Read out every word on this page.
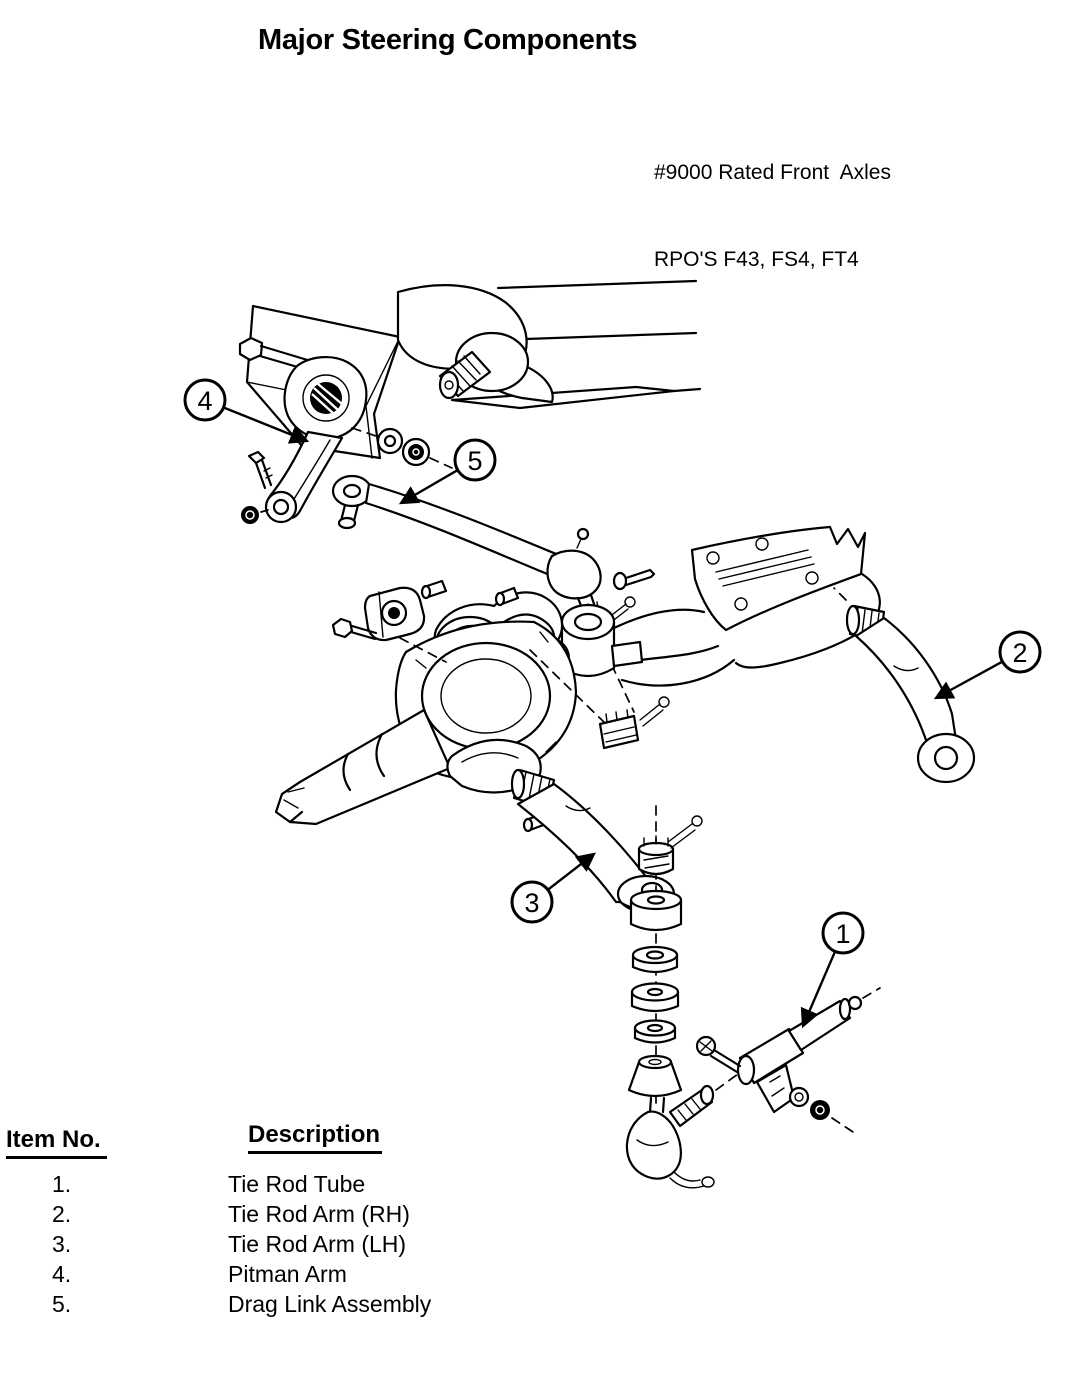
Major Steering Components

#9000 Rated Front  Axles

RPO'S F43, FS4, FT4

1
2
3
4
5
Item No.	Description
1.	Tie Rod Tube
2.	Tie Rod Arm (RH)
3.	Tie Rod Arm (LH)
4.	Pitman Arm
5.	Drag Link Assembly
